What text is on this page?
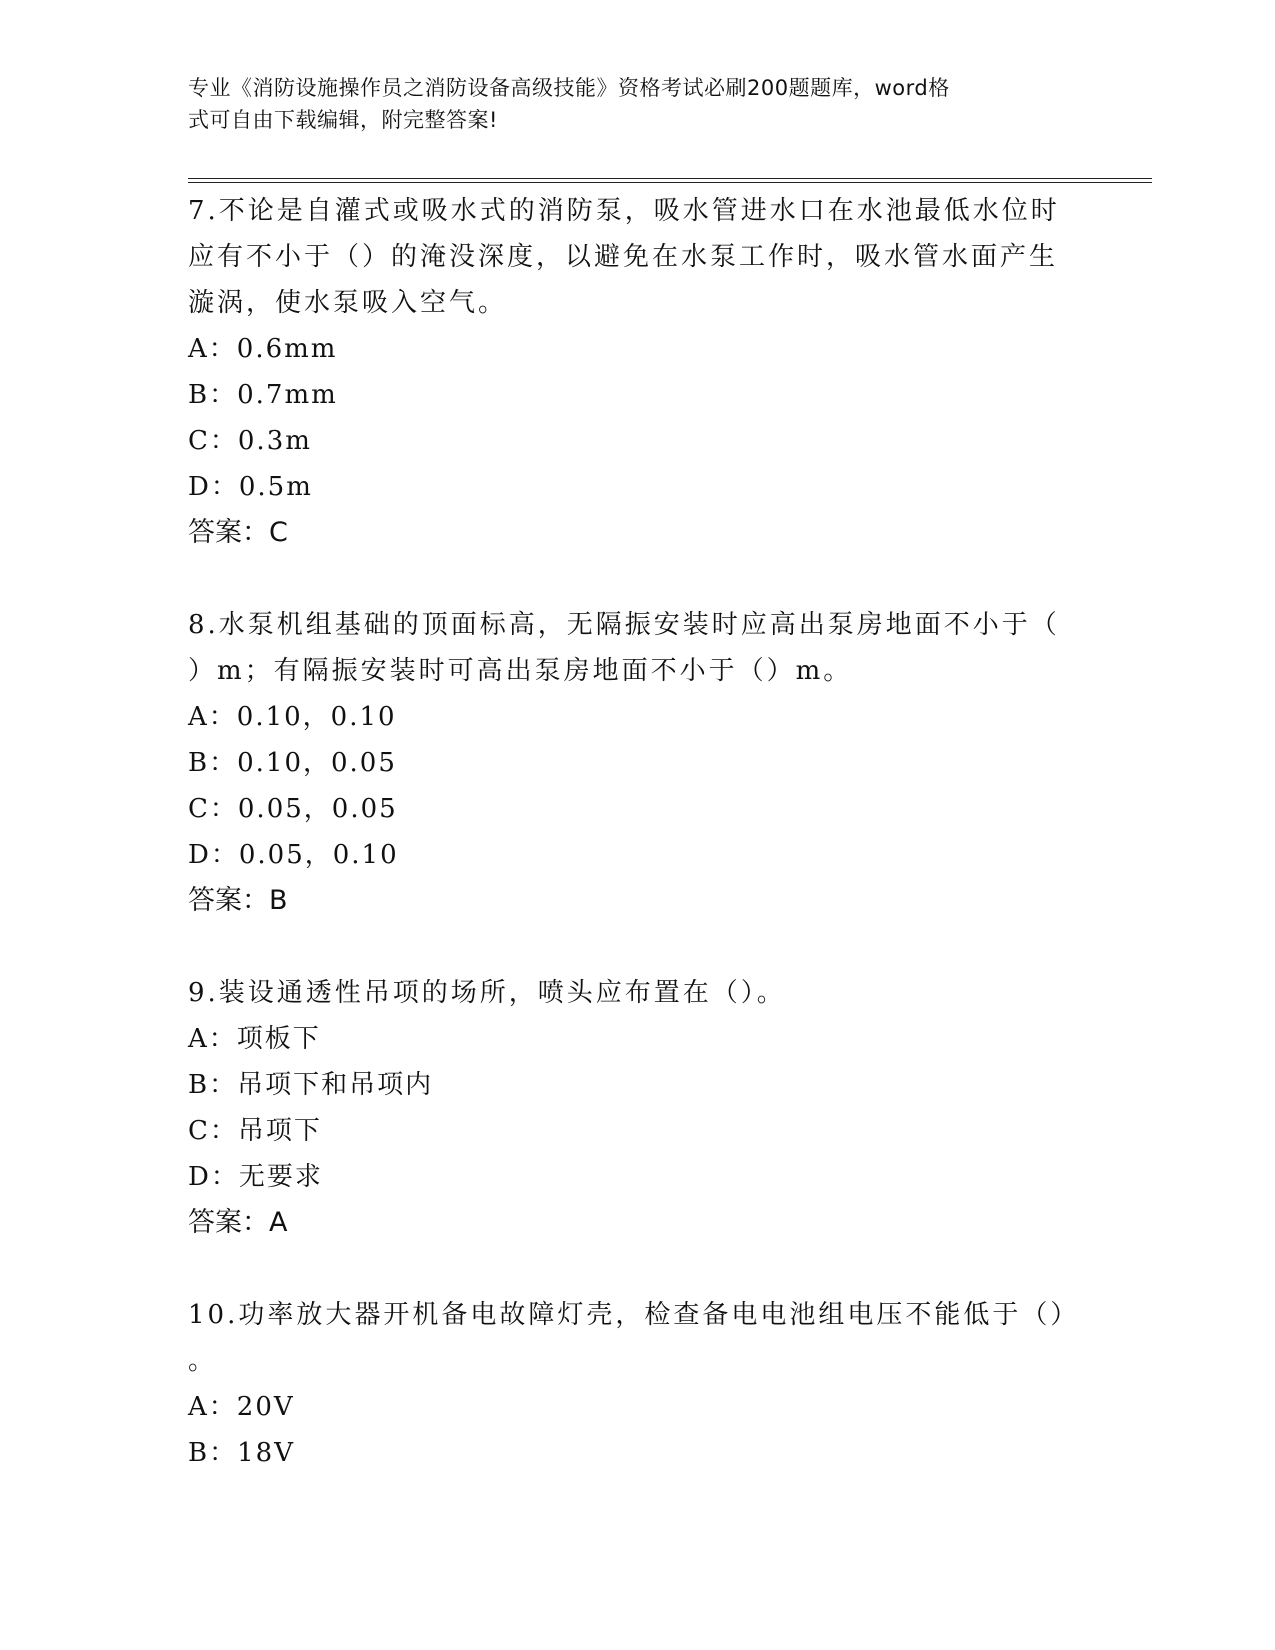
专业《消防设施操作员之消防设备高级技能》资格考试必刷200题题库，word格
式可自由下载编辑，附完整答案!

7.不论是自灌式或吸水式的消防泵，吸水管进水口在水池最低水位时

应有不小于（）的淹没深度，以避免在水泵工作时，吸水管水面产生

漩涡，使水泵吸入空气。

A：0.6mm

B：0.7mm

C：0.3m

D：0.5m

答案：C

8.水泵机组基础的顶面标高，无隔振安装时应高出泵房地面不小于（

）m；有隔振安装时可高出泵房地面不小于（）m。

A：0.10，0.10

B：0.10，0.05

C：0.05，0.05

D：0.05，0.10

答案：B

9.装设通透性吊项的场所，喷头应布置在（）。

A：项板下

B：吊项下和吊项内

C：吊项下

D：无要求

答案：A

10.功率放大器开机备电故障灯壳，检查备电电池组电压不能低于（）

。

A：20V

B：18V
